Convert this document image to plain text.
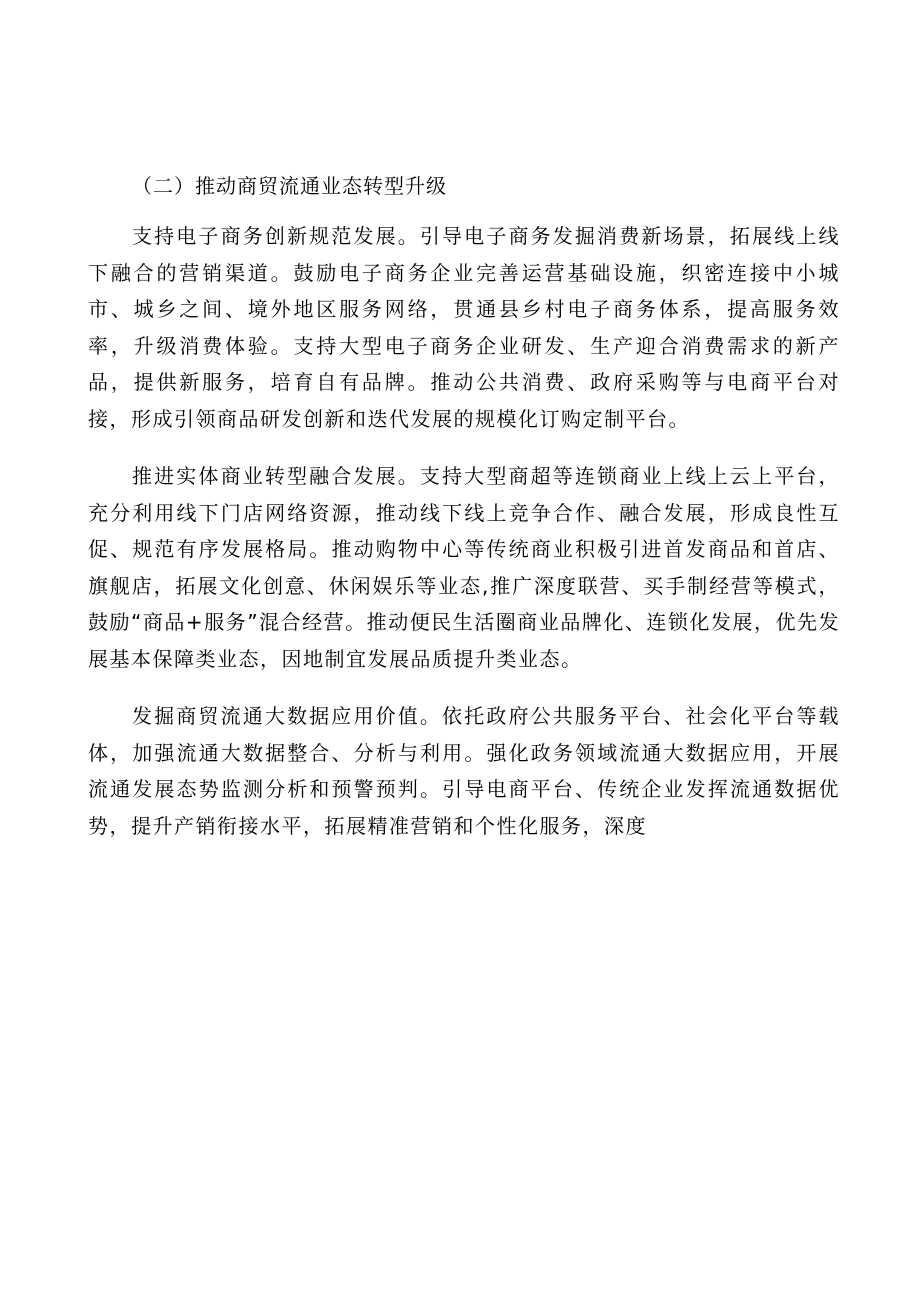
（二）推动商贸流通业态转型升级

支持电子商务创新规范发展。引导电子商务发掘消费新场景，拓展线上线下融合的营销渠道。鼓励电子商务企业完善运营基础设施，织密连接中小城市、城乡之间、境外地区服务网络，贯通县乡村电子商务体系，提高服务效率，升级消费体验。支持大型电子商务企业研发、生产迎合消费需求的新产品，提供新服务，培育自有品牌。推动公共消费、政府采购等与电商平台对接，形成引领商品研发创新和迭代发展的规模化订购定制平台。

推进实体商业转型融合发展。支持大型商超等连锁商业上线上云上平台，充分利用线下门店网络资源，推动线下线上竞争合作、融合发展，形成良性互促、规范有序发展格局。推动购物中心等传统商业积极引进首发商品和首店、旗舰店，拓展文化创意、休闲娱乐等业态,推广深度联营、买手制经营等模式，鼓励“商品+服务”混合经营。推动便民生活圈商业品牌化、连锁化发展，优先发展基本保障类业态，因地制宜发展品质提升类业态。

发掘商贸流通大数据应用价值。依托政府公共服务平台、社会化平台等载体，加强流通大数据整合、分析与利用。强化政务领域流通大数据应用，开展流通发展态势监测分析和预警预判。引导电商平台、传统企业发挥流通数据优势，提升产销衔接水平，拓展精准营销和个性化服务，深度
